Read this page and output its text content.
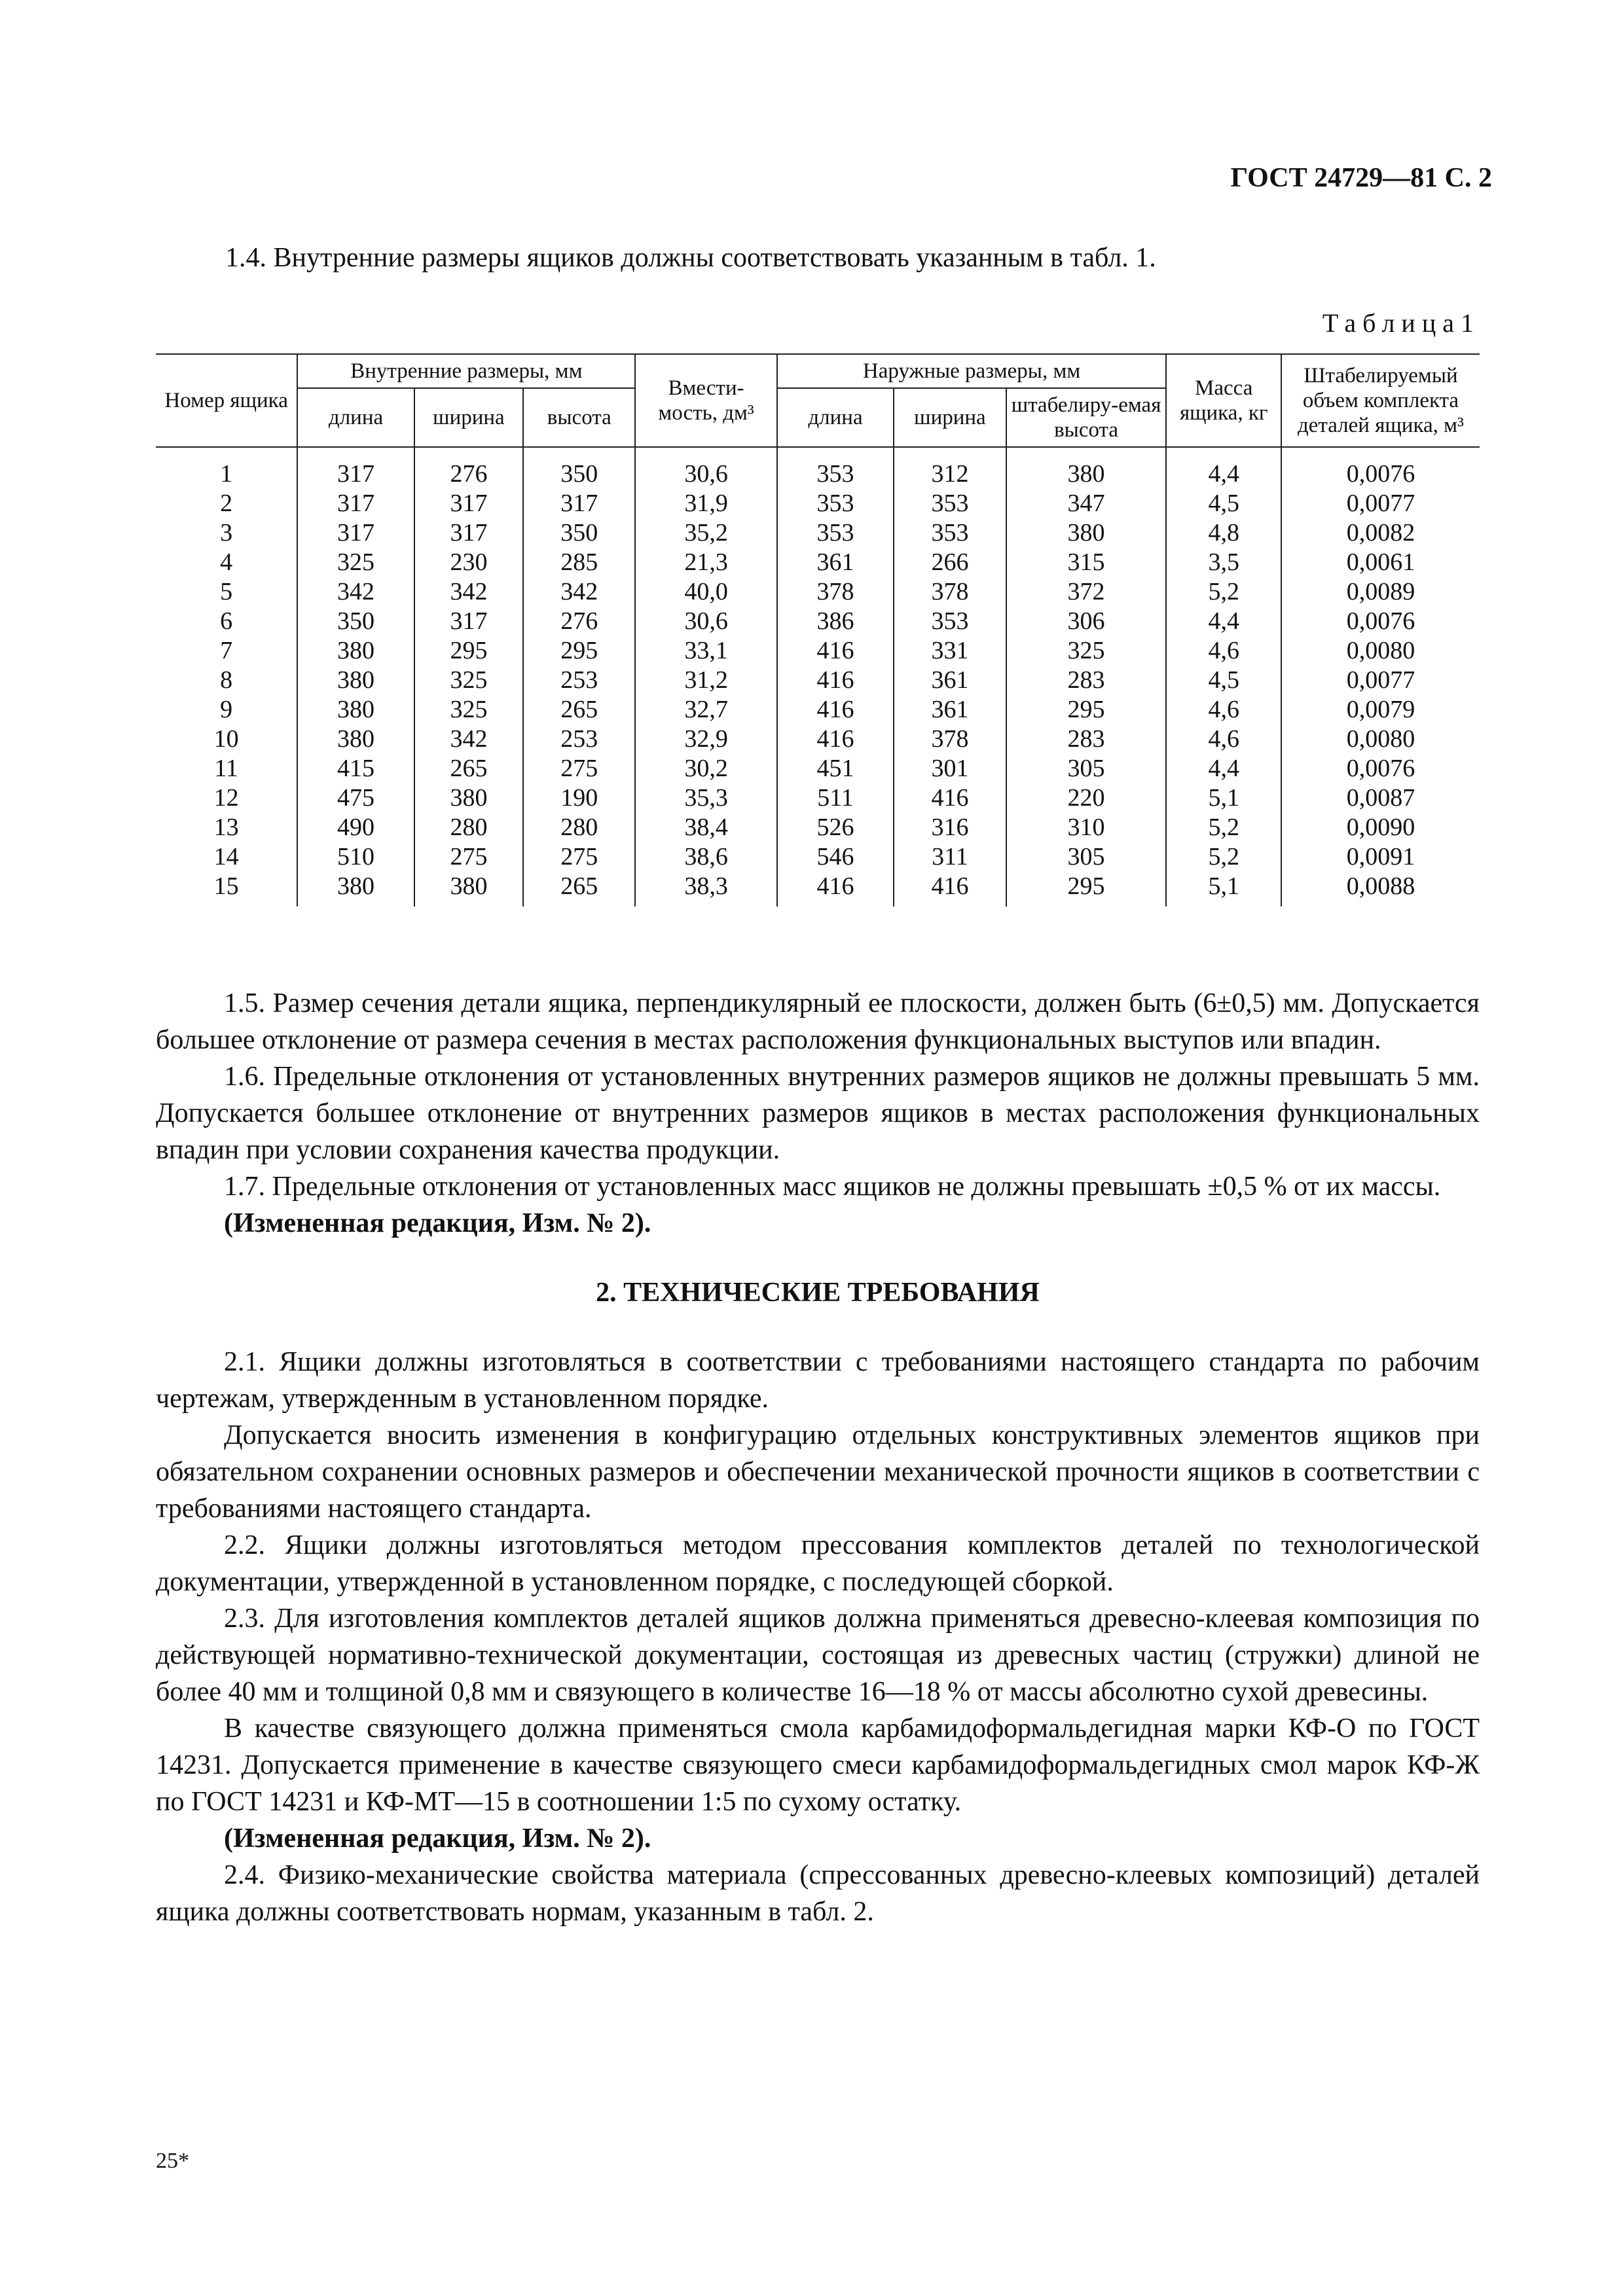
ГОСТ 24729—81 С. 2
1.4. Внутренние размеры ящиков должны соответствовать указанным в табл. 1.
Таблица1
Номер ящика	Внутренние размеры, мм			Вмести-мость, дм³	Наружные размеры, мм			Масса ящика, кг	Штабелируемый объем комплекта деталей ящика, м³
	длина	ширина	высота		длина	ширина	штабелиру-емая высота		
1	317	276	350	30,6	353	312	380	4,4	0,0076
2	317	317	317	31,9	353	353	347	4,5	0,0077
3	317	317	350	35,2	353	353	380	4,8	0,0082
4	325	230	285	21,3	361	266	315	3,5	0,0061
5	342	342	342	40,0	378	378	372	5,2	0,0089
6	350	317	276	30,6	386	353	306	4,4	0,0076
7	380	295	295	33,1	416	331	325	4,6	0,0080
8	380	325	253	31,2	416	361	283	4,5	0,0077
9	380	325	265	32,7	416	361	295	4,6	0,0079
10	380	342	253	32,9	416	378	283	4,6	0,0080
11	415	265	275	30,2	451	301	305	4,4	0,0076
12	475	380	190	35,3	511	416	220	5,1	0,0087
13	490	280	280	38,4	526	316	310	5,2	0,0090
14	510	275	275	38,6	546	311	305	5,2	0,0091
15	380	380	265	38,3	416	416	295	5,1	0,0088

1.5. Размер сечения детали ящика, перпендикулярный ее плоскости, должен быть (6±0,5) мм. Допускается большее отклонение от размера сечения в местах расположения функциональных выступов или впадин.

1.6. Предельные отклонения от установленных внутренних размеров ящиков не должны превышать 5 мм. Допускается большее отклонение от внутренних размеров ящиков в местах расположения функциональных впадин при условии сохранения качества продукции.

1.7. Предельные отклонения от установленных масс ящиков не должны превышать ±0,5 % от их массы.

(Измененная редакция, Изм. № 2).

2. ТЕХНИЧЕСКИЕ ТРЕБОВАНИЯ

2.1. Ящики должны изготовляться в соответствии с требованиями настоящего стандарта по рабочим чертежам, утвержденным в установленном порядке.

Допускается вносить изменения в конфигурацию отдельных конструктивных элементов ящиков при обязательном сохранении основных размеров и обеспечении механической прочности ящиков в соответствии с требованиями настоящего стандарта.

2.2. Ящики должны изготовляться методом прессования комплектов деталей по технологической документации, утвержденной в установленном порядке, с последующей сборкой.

2.3. Для изготовления комплектов деталей ящиков должна применяться древесно-клеевая композиция по действующей нормативно-технической документации, состоящая из древесных частиц (стружки) длиной не более 40 мм и толщиной 0,8 мм и связующего в количестве 16—18 % от массы абсолютно сухой древесины.

В качестве связующего должна применяться смола карбамидоформальдегидная марки КФ-О по ГОСТ 14231. Допускается применение в качестве связующего смеси карбамидоформальдегидных смол марок КФ-Ж по ГОСТ 14231 и КФ-МТ—15 в соотношении 1:5 по сухому остатку.

(Измененная редакция, Изм. № 2).

2.4. Физико-механические свойства материала (спрессованных древесно-клеевых композиций) деталей ящика должны соответствовать нормам, указанным в табл. 2.

25*
